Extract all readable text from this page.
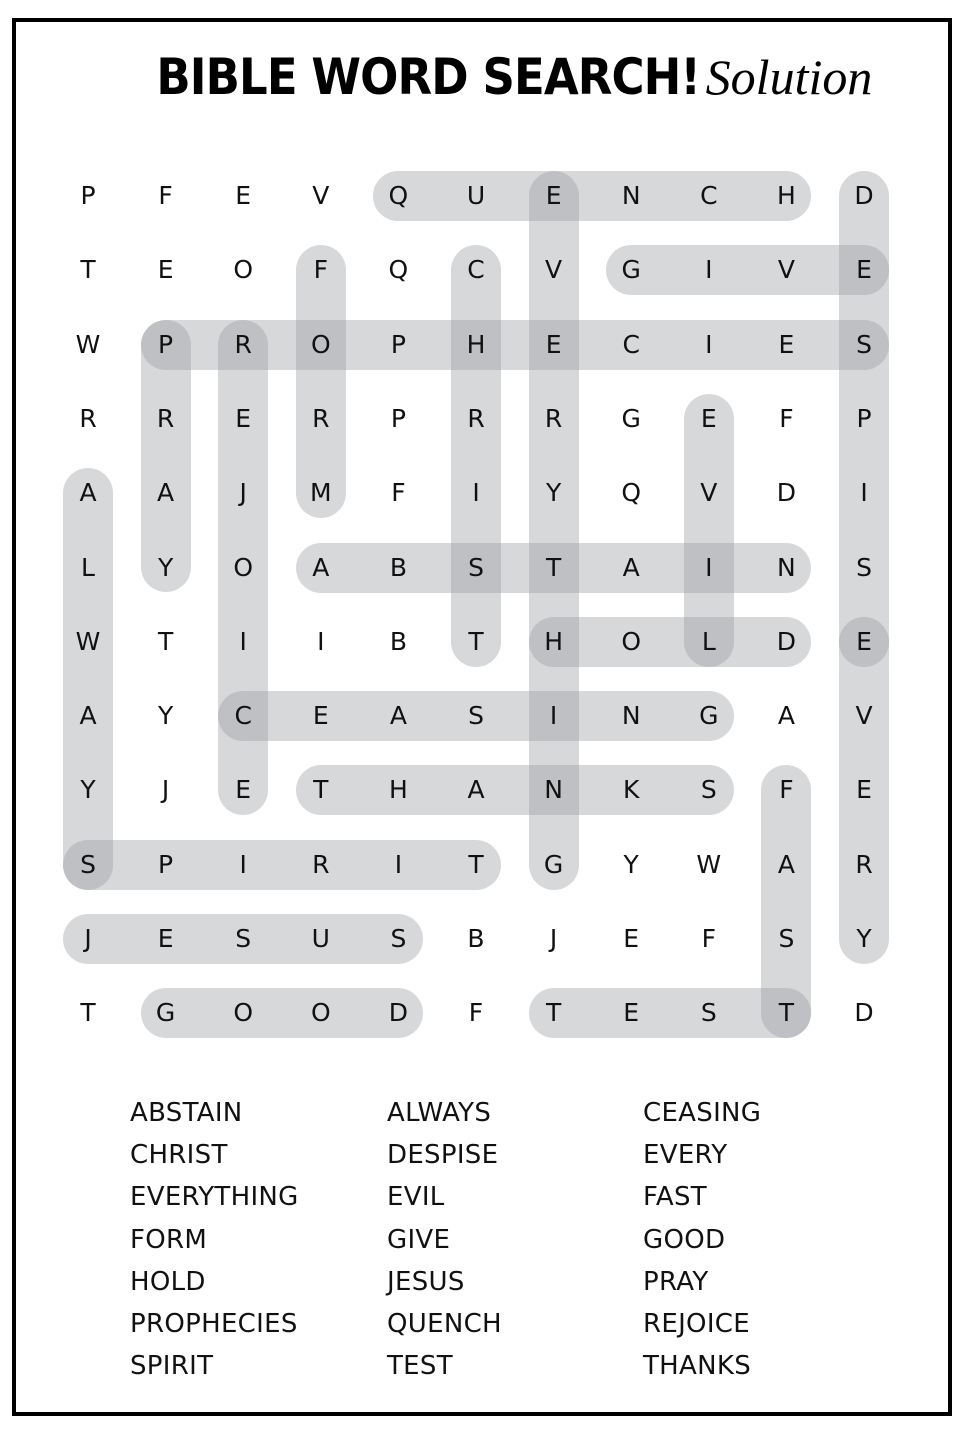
BIBLE WORD SEARCH! Solution
P	F	E	V	Q	U	E	N	C	H	D
T	E	O	F	Q	C	V	G	I	V	E
W	P	R	O	P	H	E	C	I	E	S
R	R	E	R	P	R	R	G	E	F	P
A	A	J	M	F	I	Y	Q	V	D	I
L	Y	O	A	B	S	T	A	I	N	S
W	T	I	I	B	T	H	O	L	D	E
A	Y	C	E	A	S	I	N	G	A	V
Y	J	E	T	H	A	N	K	S	F	E
S	P	I	R	I	T	G	Y	W	A	R
J	E	S	U	S	B	J	E	F	S	Y
T	G	O	O	D	F	T	E	S	T	D
ABSTAIN
CHRIST
EVERYTHING
FORM
HOLD
PROPHECIES
SPIRIT
ALWAYS
DESPISE
EVIL
GIVE
JESUS
QUENCH
TEST
CEASING
EVERY
FAST
GOOD
PRAY
REJOICE
THANKS
